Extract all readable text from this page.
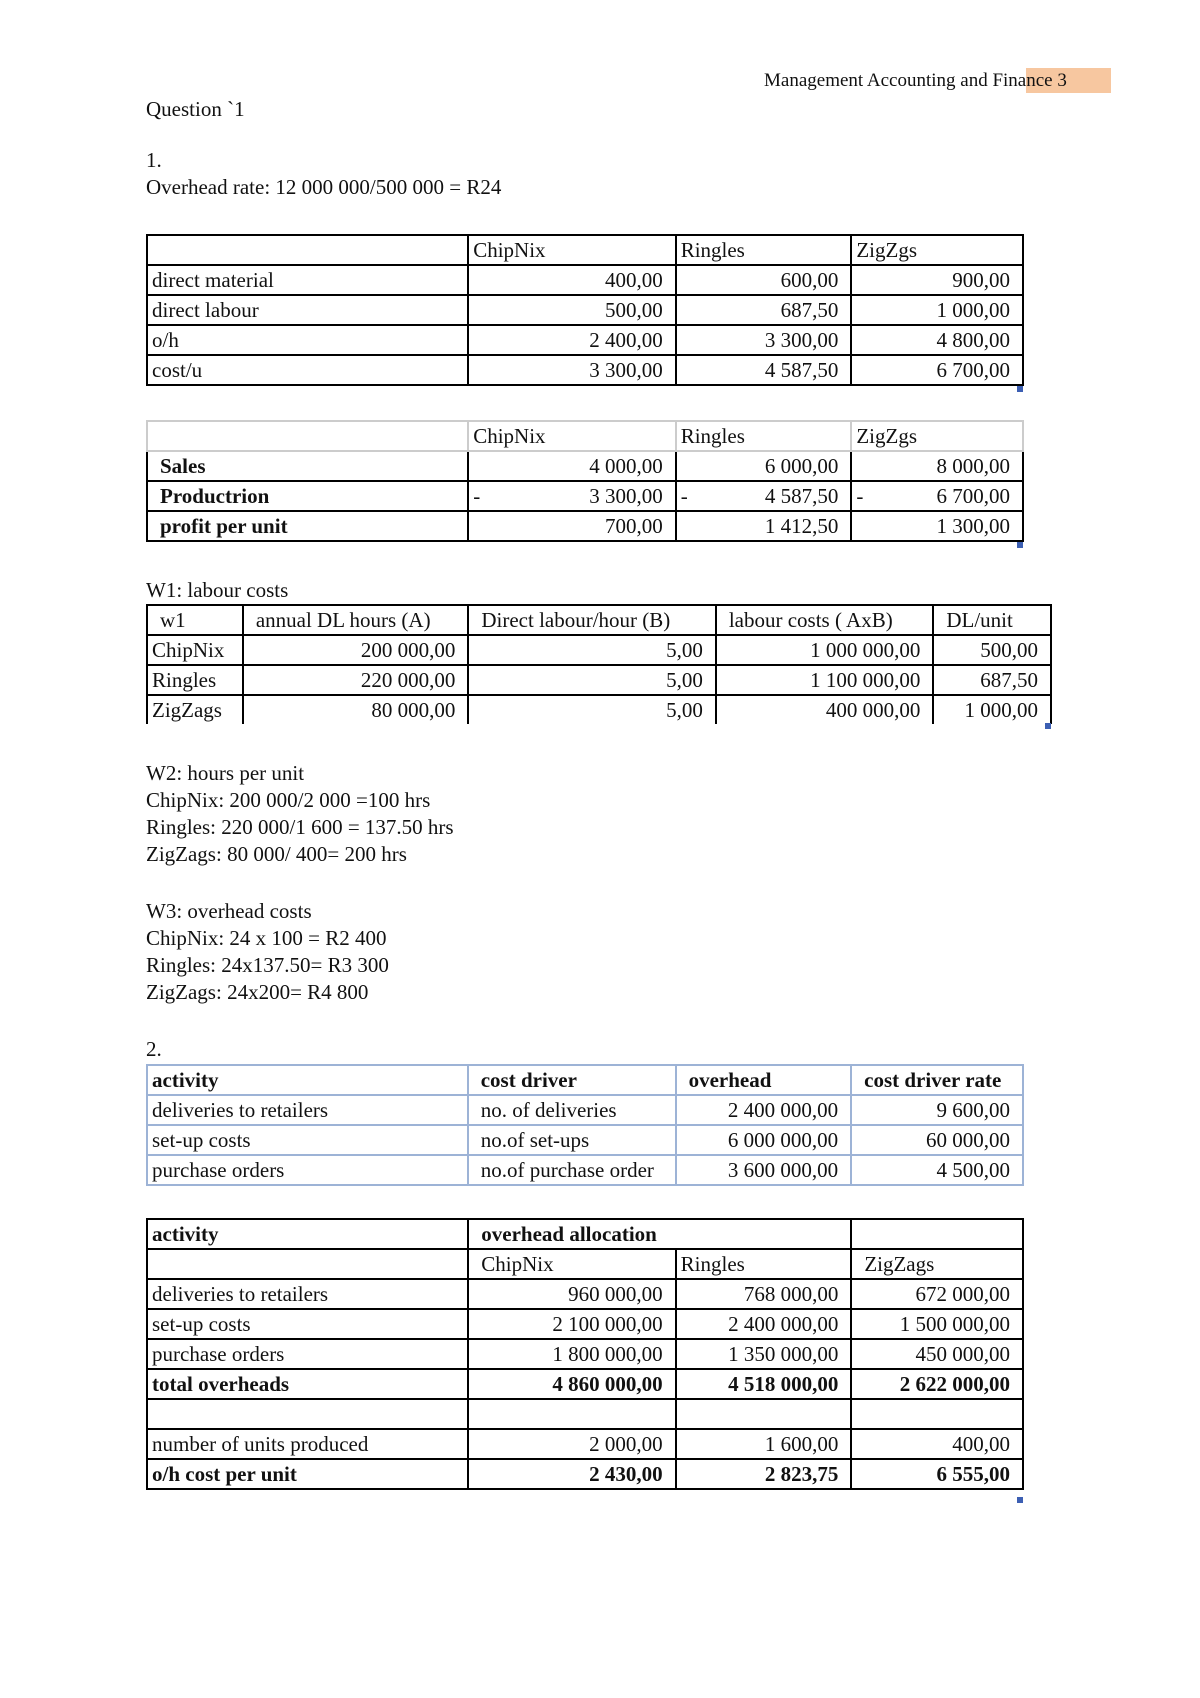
Management Accounting and Finance 3
Question `1
1.
Overhead rate: 12 000 000/500 000 = R24
	ChipNix	Ringles	ZigZgs
direct material	400,00	600,00	900,00
direct labour	500,00	687,50	1 000,00
o/h	2 400,00	3 300,00	4 800,00
cost/u	3 300,00	4 587,50	6 700,00
	ChipNix	Ringles	ZigZgs
Sales	4 000,00	6 000,00	8 000,00
Productrion	- 3 300,00	- 4 587,50	- 6 700,00
profit per unit	700,00	1 412,50	1 300,00
W1: labour costs
w1	annual DL hours (A)	Direct labour/hour (B)	labour costs ( AxB)	DL/unit
ChipNix	200 000,00	5,00	1 000 000,00	500,00
Ringles	220 000,00	5,00	1 100 000,00	687,50
ZigZags	80 000,00	5,00	400 000,00	1 000,00
W2: hours per unit
ChipNix: 200 000/2 000 =100 hrs
Ringles: 220 000/1 600 = 137.50 hrs
ZigZags: 80 000/ 400= 200 hrs
W3: overhead costs
ChipNix: 24 x 100 = R2 400
Ringles: 24x137.50= R3 300
ZigZags: 24x200= R4 800
2.
activity	cost driver	overhead	cost driver rate
deliveries to retailers	no. of deliveries	2 400 000,00	9 600,00
set-up costs	no.of set-ups	6 000 000,00	60 000,00
purchase orders	no.of purchase order	3 600 000,00	4 500,00
activity	overhead allocation		
	ChipNix	Ringles	ZigZags
deliveries to retailers	960 000,00	768 000,00	672 000,00
set-up costs	2 100 000,00	2 400 000,00	1 500 000,00
purchase orders	1 800 000,00	1 350 000,00	450 000,00
total overheads	4 860 000,00	4 518 000,00	2 622 000,00

number of units produced	2 000,00	1 600,00	400,00
o/h cost per unit	2 430,00	2 823,75	6 555,00
